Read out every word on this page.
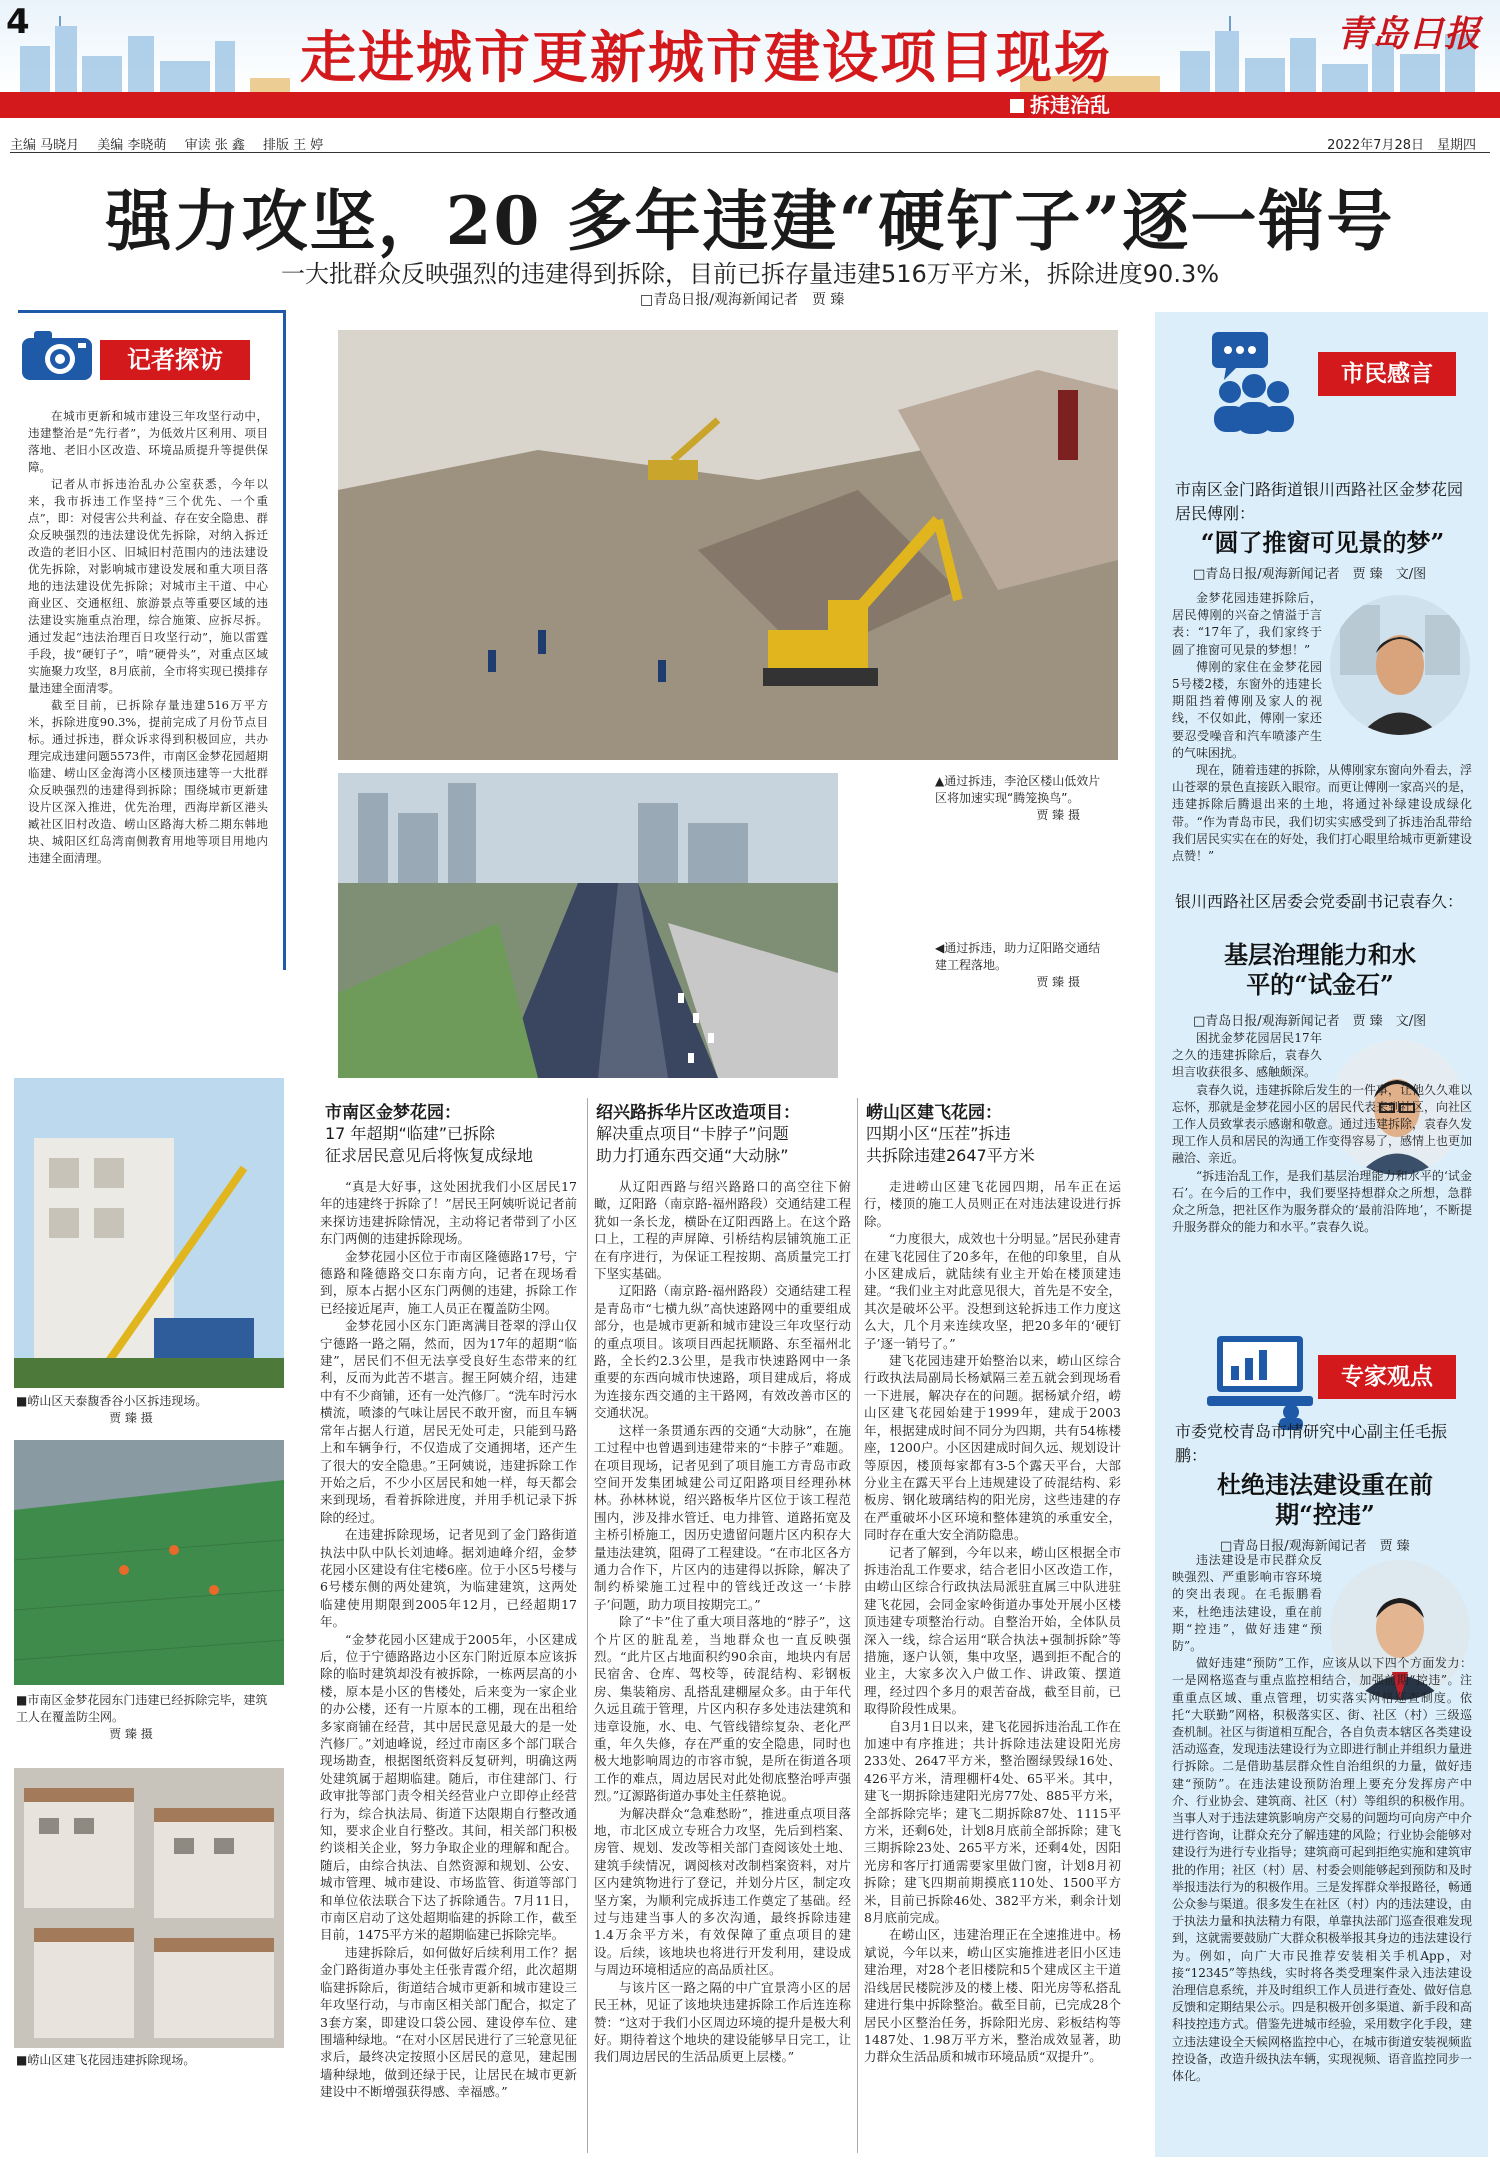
4
走进城市更新城市建设项目现场	青岛日报
拆违治乱
主编 马晓月 美编 李晓萌 审读 张 鑫 排版 王 婷	2022年7月28日　星期四
强力攻坚，20 多年违建“硬钉子”逐一销号
一大批群众反映强烈的违建得到拆除，目前已拆存量违建516万平方米，拆除进度90.3%
□青岛日报/观海新闻记者　贾 臻
记者探访

在城市更新和城市建设三年攻坚行动中，违建整治是“先行者”，为低效片区利用、项目落地、老旧小区改造、环境品质提升等提供保障。

记者从市拆违治乱办公室获悉，今年以来，我市拆违工作坚持“三个优先、一个重点”，即：对侵害公共利益、存在安全隐患、群众反映强烈的违法建设优先拆除，对纳入拆迁改造的老旧小区、旧城旧村范围内的违法建设优先拆除，对影响城市建设发展和重大项目落地的违法建设优先拆除；对城市主干道、中心商业区、交通枢纽、旅游景点等重要区域的违法建设实施重点治理，综合施策、应拆尽拆。通过发起“违法治理百日攻坚行动”，施以雷霆手段，拔“硬钉子”，啃“硬骨头”，对重点区域实施聚力攻坚，8月底前，全市将实现已摸排存量违建全面清零。

截至目前，已拆除存量违建516万平方米，拆除进度90.3%，提前完成了月份节点目标。通过拆违，群众诉求得到积极回应，共办理完成违建问题5573件，市南区金梦花园超期临建、崂山区金海湾小区楼顶违建等一大批群众反映强烈的违建得到拆除；围绕城市更新建设片区深入推进，优先治理，西海岸新区港头臧社区旧村改造、崂山区路海大桥二期东韩地块、城阳区红岛湾南侧教育用地等项目用地内违建全面清理。

▲通过拆违，李沧区楼山低效片区将加速实现“腾笼换鸟”。
贾 臻 摄
◀通过拆违，助力辽阳路交通结建工程落地。
贾 臻 摄
■崂山区天泰馥香谷小区拆违现场。
贾 臻 摄
■市南区金梦花园东门违建已经拆除完毕，建筑工人在覆盖防尘网。
贾 臻 摄
■崂山区建飞花园违建拆除现场。
市南区金梦花园：
17 年超期“临建”已拆除
征求居民意见后将恢复成绿地
绍兴路拆华片区改造项目：
解决重点项目“卡脖子”问题
助力打通东西交通“大动脉”
崂山区建飞花园：
四期小区“压茬”拆违
共拆除违建2647平方米

“真是大好事，这处困扰我们小区居民17年的违建终于拆除了！”居民王阿姨听说记者前来探访违建拆除情况，主动将记者带到了小区东门两侧的违建拆除现场。

金梦花园小区位于市南区隆德路17号，宁德路和隆德路交口东南方向，记者在现场看到，原本占据小区东门两侧的违建，拆除工作已经接近尾声，施工人员正在覆盖防尘网。

金梦花园小区东门距离满目苍翠的浮山仅宁德路一路之隔，然而，因为17年的超期“临建”，居民们不但无法享受良好生态带来的红利，反而为此苦不堪言。握王阿姨介绍，违建中有不少商铺，还有一处汽修厂。“洗车时污水横流，喷漆的气味让居民不敢开窗，而且车辆常年占据人行道，居民无处可走，只能到马路上和车辆争行，不仅造成了交通拥堵，还产生了很大的安全隐患。”王阿姨说，违建拆除工作开始之后，不少小区居民和她一样，每天都会来到现场，看着拆除进度，并用手机记录下拆除的经过。

在违建拆除现场，记者见到了金门路街道执法中队中队长刘迪峰。据刘迪峰介绍，金梦花园小区建设有住宅楼6座。位于小区5号楼与6号楼东侧的两处建筑，为临建建筑，这两处临建使用期限到2005年12月，已经超期17年。

“金梦花园小区建成于2005年，小区建成后，位于宁德路路边小区东门附近原本应该拆除的临时建筑却没有被拆除，一栋两层高的小楼，原本是小区的售楼处，后来变为一家企业的办公楼，还有一片原本的工棚，现在出租给多家商铺在经营，其中居民意见最大的是一处汽修厂。”刘迪峰说，经过市南区多个部门联合现场勘查，根据图纸资料反复研判，明确这两处建筑属于超期临建。随后，市住建部门、行政审批等部门责令相关经营业户立即停止经营行为，综合执法局、街道下达限期自行整改通知，要求企业自行整改。其间，相关部门积极约谈相关企业，努力争取企业的理解和配合。随后，由综合执法、自然资源和规划、公安、城市管理、城市建设、市场监管、街道等部门和单位依法联合下达了拆除通告。7月11日，市南区启动了这处超期临建的拆除工作，截至目前，1475平方米的超期临建已拆除完毕。

违建拆除后，如何做好后续利用工作？据金门路街道办事处主任张青霞介绍，此次超期临建拆除后，街道结合城市更新和城市建设三年攻坚行动，与市南区相关部门配合，拟定了3套方案，即建设口袋公园、建设停车位、建围墙种绿地。“在对小区居民进行了三轮意见征求后，最终决定按照小区居民的意见，建起围墙种绿地，做到还绿于民，让居民在城市更新建设中不断增强获得感、幸福感。”

从辽阳西路与绍兴路路口的高空往下俯瞰，辽阳路（南京路-福州路段）交通结建工程犹如一条长龙，横卧在辽阳西路上。在这个路口上，工程的声屏障、引桥结构层铺筑施工正在有序进行，为保证工程按期、高质量完工打下坚实基础。

辽阳路（南京路-福州路段）交通结建工程是青岛市“七横九纵”高快速路网中的重要组成部分，也是城市更新和城市建设三年攻坚行动的重点项目。该项目西起抚顺路、东至福州北路，全长约2.3公里，是我市快速路网中一条重要的东西向城市快速路，项目建成后，将成为连接东西交通的主干路网，有效改善市区的交通状况。

这样一条贯通东西的交通“大动脉”，在施工过程中也曾遇到违建带来的“卡脖子”难题。在项目现场，记者见到了项目施工方青岛市政空间开发集团城建公司辽阳路项目经理孙林林。孙林林说，绍兴路板华片区位于该工程范围内，涉及排水管迁、电力排管、道路拓宽及主桥引桥施工，因历史遗留问题片区内积存大量违法建筑，阻碍了工程建设。“在市北区各方通力合作下，片区内的违建得以拆除，解决了制约桥梁施工过程中的管线迁改这一‘卡脖子’问题，助力项目按期完工。”

除了“卡”住了重大项目落地的“脖子”，这个片区的脏乱差，当地群众也一直反映强烈。“此片区占地面积约90余亩，地块内有居民宿舍、仓库、驾校等，砖混结构、彩钢板房、集装箱房、乱搭乱建棚屋众多。由于年代久远且疏于管理，片区内积存多处违法建筑和违章设施，水、电、气管线错综复杂、老化严重，年久失修，存在严重的安全隐患，同时也极大地影响周边的市容市貌，是所在街道各项工作的难点，周边居民对此处彻底整治呼声强烈。”辽源路街道办事处主任蔡艳说。

为解决群众“急难愁盼”，推进重点项目落地，市北区成立专班合力攻坚，先后到档案、房管、规划、发改等相关部门查阅该处土地、建筑手续情况，调阅核对改制档案资料，对片区内建筑物进行了登记，并划分片区，制定攻坚方案，为顺利完成拆违工作奠定了基础。经过与违建当事人的多次沟通，最终拆除违建1.4万余平方米，有效保障了重点项目的建设。后续，该地块也将进行开发利用，建设成与周边环境相适应的高品质社区。

与该片区一路之隔的中广宜景湾小区的居民王林，见证了该地块违建拆除工作后连连称赞：“这对于我们小区周边环境的提升是极大利好。期待着这个地块的建设能够早日完工，让我们周边居民的生活品质更上层楼。”

走进崂山区建飞花园四期，吊车正在运行，楼顶的施工人员则正在对违法建设进行拆除。

“力度很大，成效也十分明显。”居民孙建青在建飞花园住了20多年，在他的印象里，自从小区建成后，就陆续有业主开始在楼顶建违建。“我们业主对此意见很大，首先是不安全，其次是破坏公平。没想到这轮拆违工作力度这么大，几个月来连续攻坚，把20多年的‘硬钉子’逐一销号了。”

建飞花园违建开始整治以来，崂山区综合行政执法局副局长杨斌隔三差五就会到现场看一下进展，解决存在的问题。据杨斌介绍，崂山区建飞花园始建于1999年，建成于2003年，根据建成时间不同分为四期，共有54栋楼座，1200户。小区因建成时间久远、规划设计等原因，楼顶每家都有3-5个露天平台，大部分业主在露天平台上违规建设了砖混结构、彩板房、钢化玻璃结构的阳光房，这些违建的存在严重破坏小区环境和整体建筑的承重安全，同时存在重大安全消防隐患。

记者了解到，今年以来，崂山区根据全市拆违治乱工作要求，结合老旧小区改造工作，由崂山区综合行政执法局派驻直属三中队进驻建飞花园，会同金家岭街道办事处开展小区楼顶违建专项整治行动。自整治开始，全体队员深入一线，综合运用“联合执法+强制拆除”等措施，逐户认领，集中攻坚，遇到拒不配合的业主，大家多次入户做工作、讲政策、摆道理，经过四个多月的艰苦奋战，截至目前，已取得阶段性成果。

自3月1日以来，建飞花园拆违治乱工作在加速中有序推进；共计拆除违法建设阳光房233处、2647平方米，整治圈绿毁绿16处、426平方米，清理棚杆4处、65平米。其中，建飞一期拆除违建阳光房77处、885平方米，全部拆除完毕；建飞二期拆除87处、1115平方米，还剩6处，计划8月底前全部拆除；建飞三期拆除23处、265平方米，还剩4处，因阳光房和客厅打通需要家里做门窗，计划8月初拆除；建飞四期前期摸底110处、1500平方米，目前已拆除46处、382平方米，剩余计划8月底前完成。

在崂山区，违建治理正在全速推进中。杨斌说，今年以来，崂山区实施推进老旧小区违建治理，对28个老旧楼院和5个建成区主干道沿线居民楼院涉及的楼上楼、阳光房等私搭乱建进行集中拆除整治。截至目前，已完成28个居民小区整治任务，拆除阳光房、彩板结构等1487处、1.98万平方米，整治成效显著，助力群众生活品质和城市环境品质“双提升”。

市民感言
市南区金门路街道银川西路社区金梦花园居民傅刚：
“圆了推窗可见景的梦”
□青岛日报/观海新闻记者　贾 臻　文/图

金梦花园违建拆除后，居民傅刚的兴奋之情溢于言表：“17年了，我们家终于圆了推窗可见景的梦想！”

傅刚的家住在金梦花园5号楼2楼，东窗外的违建长期阻挡着傅刚及家人的视线，不仅如此，傅刚一家还要忍受噪音和汽车喷漆产生的气味困扰。

现在，随着违建的拆除，从傅刚家东窗向外看去，浮山苍翠的景色直接跃入眼帘。而更让傅刚一家高兴的是，违建拆除后腾退出来的土地，将通过补绿建设成绿化带。“作为青岛市民，我们切实实感受到了拆违治乱带给我们居民实实在在的好处，我们打心眼里给城市更新建设点赞！”

银川西路社区居委会党委副书记袁春久：
基层治理能力和水平的“试金石”
□青岛日报/观海新闻记者　贾 臻　文/图

困扰金梦花园居民17年之久的违建拆除后，袁春久坦言收获很多、感触颇深。

袁春久说，违建拆除后发生的一件事，让他久久难以忘怀，那就是金梦花园小区的居民代表来到社区，向社区工作人员致掌表示感谢和敬意。通过违建拆除，袁春久发现工作人员和居民的沟通工作变得容易了，感情上也更加融洽、亲近。

“拆违治乱工作，是我们基层治理能力和水平的‘试金石’。在今后的工作中，我们要坚持想群众之所想，急群众之所急，把社区作为服务群众的‘最前沿阵地’，不断提升服务群众的能力和水平。”袁春久说。

专家观点
市委党校青岛市情研究中心副主任毛振鹏：
杜绝违法建设重在前期“控违”
□青岛日报/观海新闻记者　贾 臻

违法建设是市民群众反映强烈、严重影响市容环境的突出表现。在毛振鹏看来，杜绝违法建设，重在前期“控违”，做好违建“预防”。

做好违建“预防”工作，应该从以下四个方面发力：一是网格巡查与重点监控相结合，加强前期“控违”。注重重点区域、重点管理，切实落实网格巡查制度。依托“大联勤”网格，积极落实区、街、社区（村）三级巡查机制。社区与街道相互配合，各自负责本辖区各类建设活动巡查，发现违法建设行为立即进行制止并组织力量进行拆除。二是借助基层群众性自治组织的力量，做好违建“预防”。在违法建设预防治理上要充分发挥房产中介、行业协会、建筑商、社区（村）等组织的积极作用。当事人对于违法建筑影响房产交易的问题均可向房产中介进行咨询，让群众充分了解违建的风险；行业协会能够对建设行为进行专业指导；建筑商可起到拒绝实施和建筑审批的作用；社区（村）居、村委会则能够起到预防和及时举报违法行为的积极作用。三是发挥群众举报路径，畅通公众参与渠道。很多发生在社区（村）内的违法建设，由于执法力量和执法精力有限，单靠执法部门巡查很难发现到，这就需要鼓励广大群众积极举报其身边的违法建设行为。例如，向广大市民推荐安装相关手机App，对接“12345”等热线，实时将各类受理案件录入违法建设治理信息系统，并及时组织工作人员进行查处、做好信息反馈和定期结果公示。四是积极开创多渠道、新手段和高科技控违方式。借鉴先进城市经验，采用数字化手段，建立违法建设全天候网格监控中心，在城市街道安装视频监控设备，改造升级执法车辆，实现视频、语音监控同步一体化。
